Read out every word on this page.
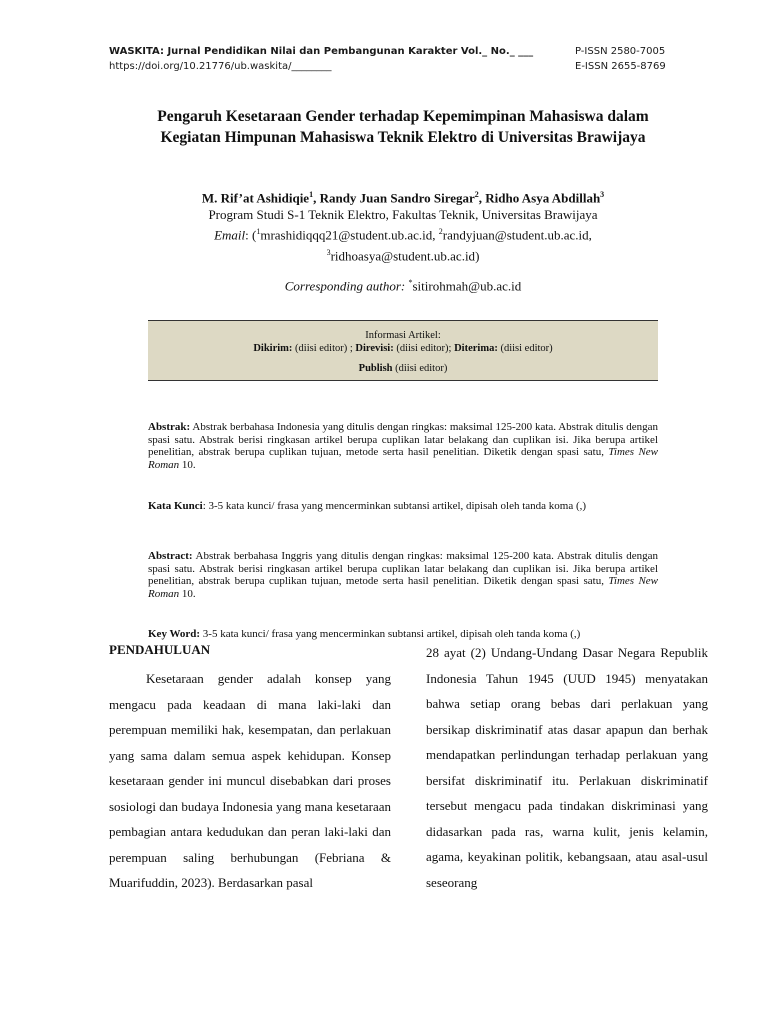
WASKITA: Jurnal Pendidikan Nilai dan Pembangunan Karakter Vol._ No._ ___	P-ISSN 2580-7005
https://doi.org/10.21776/ub.waskita/________	E-ISSN 2655-8769
Pengaruh Kesetaraan Gender terhadap Kepemimpinan Mahasiswa dalam
Kegiatan Himpunan Mahasiswa Teknik Elektro di Universitas Brawijaya
M. Rif’at Ashidiqie$^1$, Randy Juan Sandro Siregar$^2$, Ridho Asya Abdillah$^3$
Program Studi S-1 Teknik Elektro, Fakultas Teknik, Universitas Brawijaya
Email: ($^1$mrashidiqqq21@student.ub.ac.id, $^2$randyjuan@student.ub.ac.id,
$^3$ridhoasya@student.ub.ac.id)
Corresponding author: *sitirohmah@ub.ac.id
Informasi Artikel:
Dikirim: (diisi editor) ; Direvisi: (diisi editor); Diterima: (diisi editor)
Publish (diisi editor)
Abstrak: Abstrak berbahasa Indonesia yang ditulis dengan ringkas: maksimal 125-200 kata. Abstrak ditulis dengan spasi satu. Abstrak berisi ringkasan artikel berupa cuplikan latar belakang dan cuplikan isi. Jika berupa artikel penelitian, abstrak berupa cuplikan tujuan, metode serta hasil penelitian. Diketik dengan spasi satu, Times New Roman 10.
Kata Kunci: 3-5 kata kunci/ frasa yang mencerminkan subtansi artikel, dipisah oleh tanda koma (,)
Abstract: Abstrak berbahasa Inggris yang ditulis dengan ringkas: maksimal 125-200 kata. Abstrak ditulis dengan spasi satu. Abstrak berisi ringkasan artikel berupa cuplikan latar belakang dan cuplikan isi. Jika berupa artikel penelitian, abstrak berupa cuplikan tujuan, metode serta hasil penelitian. Diketik dengan spasi satu, Times New Roman 10.
Key Word: 3-5 kata kunci/ frasa yang mencerminkan subtansi artikel, dipisah oleh tanda koma (,)

PENDAHULUAN

Kesetaraan gender adalah konsep yang mengacu pada keadaan di mana laki-laki dan perempuan memiliki hak, kesempatan, dan perlakuan yang sama dalam semua aspek kehidupan. Konsep kesetaraan gender ini muncul disebabkan dari proses sosiologi dan budaya Indonesia yang mana kesetaraan pembagian antara kedudukan dan peran laki-laki dan perempuan saling berhubungan (Febriana & Muarifuddin, 2023). Berdasarkan pasal

28 ayat (2) Undang-Undang Dasar Negara Republik Indonesia Tahun 1945 (UUD 1945) menyatakan bahwa setiap orang bebas dari perlakuan yang bersikap diskriminatif atas dasar apapun dan berhak mendapatkan perlindungan terhadap perlakuan yang bersifat diskriminatif itu. Perlakuan diskriminatif tersebut mengacu pada tindakan diskriminasi yang didasarkan pada ras, warna kulit, jenis kelamin, agama, keyakinan politik, kebangsaan, atau asal-usul seseorang
